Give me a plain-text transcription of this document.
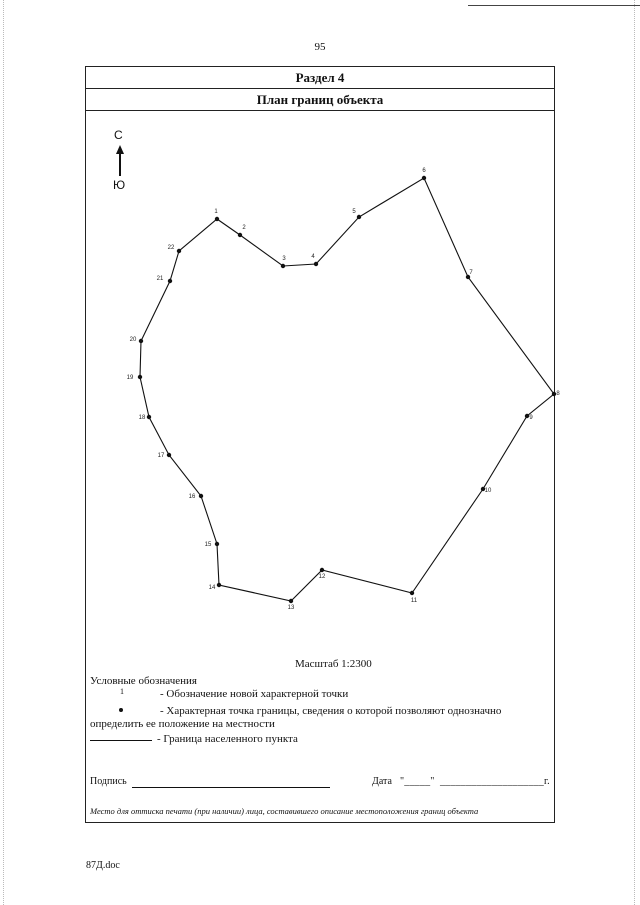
95
Раздел 4
План границ объекта
С
Ю
1
2
3	4
5
6
7
8
9
10
11
12
13
14
15
16
17
18
19
20
21
22
Масштаб 1:2300
Условные обозначения
1	- Обозначение новой характерной точки
- Характерная точка границы, сведения о которой позволяют однозначно
определить ее положение на местности
- Граница населенного пункта
Подпись	Дата "_____"  ____________________г.
Место для оттиска печати (при наличии) лица, составившего описание местоположения границ объекта
87Д.doc
